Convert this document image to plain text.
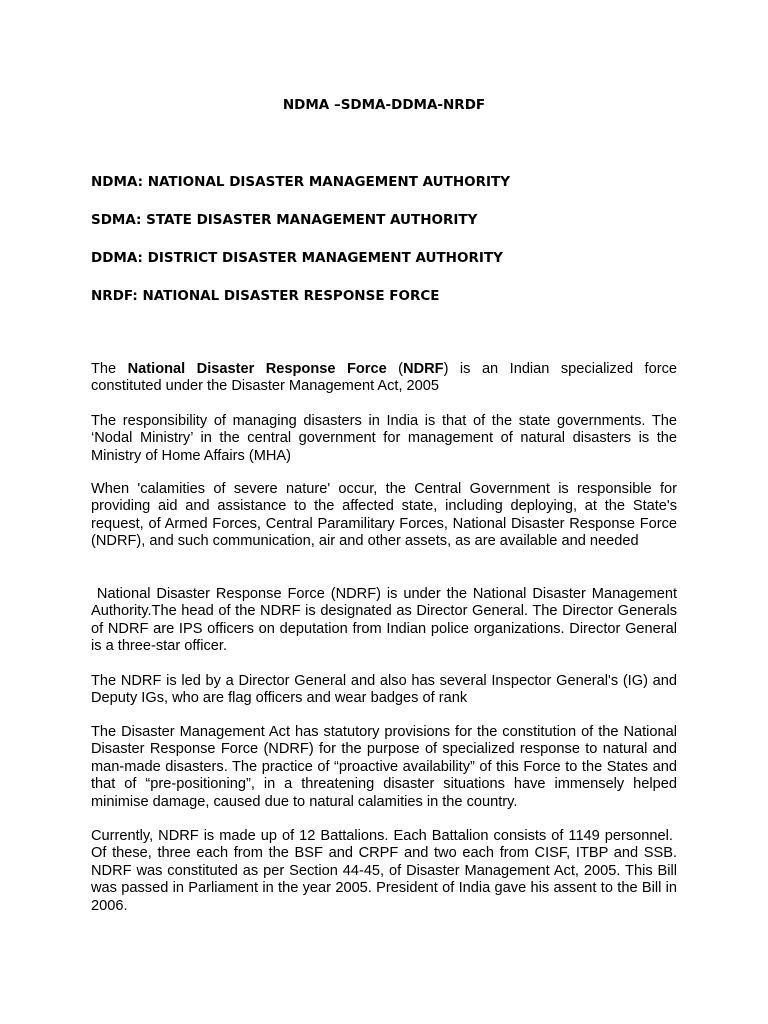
NDMA –SDMA-DDMA-NRDF
NDMA: NATIONAL DISASTER MANAGEMENT AUTHORITY
SDMA: STATE DISASTER MANAGEMENT AUTHORITY
DDMA: DISTRICT DISASTER MANAGEMENT AUTHORITY
NRDF: NATIONAL DISASTER RESPONSE FORCE
The National Disaster Response Force (NDRF) is an Indian specialized force constituted under the Disaster Management Act, 2005
The responsibility of managing disasters in India is that of the state governments. The ‘Nodal Ministry’ in the central government for management of natural disasters is the Ministry of Home Affairs (MHA)
When 'calamities of severe nature' occur, the Central Government is responsible for providing aid and assistance to the affected state, including deploying, at the State's request, of Armed Forces, Central Paramilitary Forces, National Disaster Response Force (NDRF), and such communication, air and other assets, as are available and needed
National Disaster Response Force (NDRF) is under the National Disaster Management Authority.The head of the NDRF is designated as Director General. The Director Generals of NDRF are IPS officers on deputation from Indian police organizations. Director General is a three-star officer.
The NDRF is led by a Director General and also has several Inspector General's (IG) and Deputy IGs, who are flag officers and wear badges of rank
The Disaster Management Act has statutory provisions for the constitution of the National Disaster Response Force (NDRF) for the purpose of specialized response to natural and man-made disasters. The practice of “proactive availability” of this Force to the States and that of “pre-positioning”, in a threatening disaster situations have immensely helped minimise damage, caused due to natural calamities in the country.
Currently, NDRF is made up of 12 Battalions. Each Battalion consists of 1149 personnel.  Of these, three each from the BSF and CRPF and two each from CISF, ITBP and SSB. NDRF was constituted as per Section 44-45, of Disaster Management Act, 2005. This Bill was passed in Parliament in the year 2005. President of India gave his assent to the Bill in 2006.
